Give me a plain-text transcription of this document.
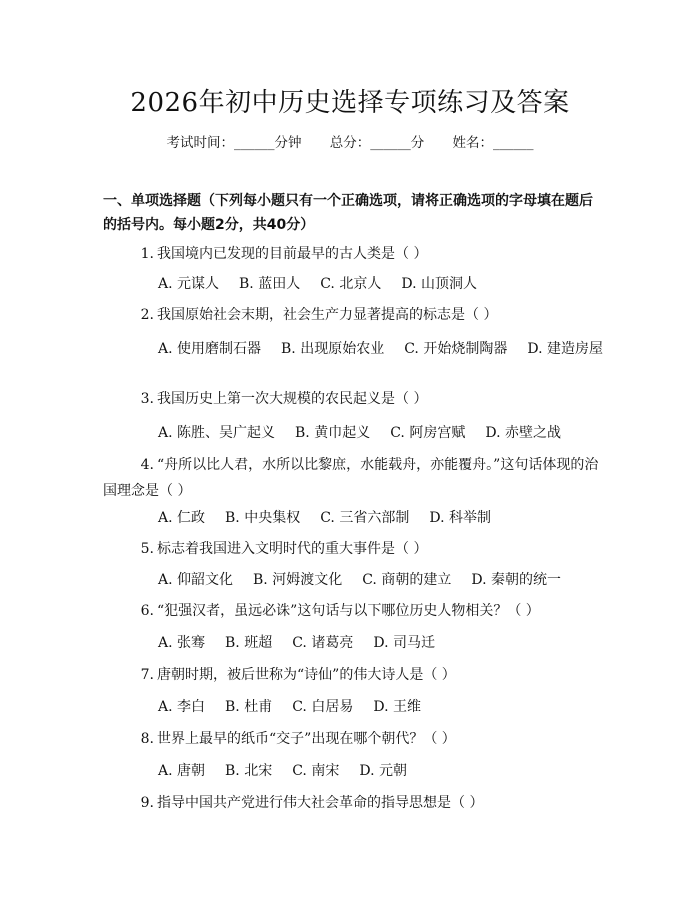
2026年初中历史选择专项练习及答案
考试时间：______分钟 总分：______分 姓名：______
一、单项选择题（下列每小题只有一个正确选项，请将正确选项的字母填在题后的括号内。每小题2分，共40分）
1. 我国境内已发现的目前最早的古人类是（ ）
A. 元谋人 B. 蓝田人 C. 北京人 D. 山顶洞人
2. 我国原始社会末期，社会生产力显著提高的标志是（ ）
A. 使用磨制石器 B. 出现原始农业 C. 开始烧制陶器 D. 建造房屋
3. 我国历史上第一次大规模的农民起义是（ ）
A. 陈胜、吴广起义 B. 黄巾起义 C. 阿房宫赋 D. 赤壁之战
4. “舟所以比人君，水所以比黎庶，水能载舟，亦能覆舟。”这句话体现的治国理念是（ ）
A. 仁政 B. 中央集权 C. 三省六部制 D. 科举制
5. 标志着我国进入文明时代的重大事件是（ ）
A. 仰韶文化 B. 河姆渡文化 C. 商朝的建立 D. 秦朝的统一
6. “犯强汉者，虽远必诛”这句话与以下哪位历史人物相关？（ ）
A. 张骞 B. 班超 C. 诸葛亮 D. 司马迁
7. 唐朝时期，被后世称为“诗仙”的伟大诗人是（ ）
A. 李白 B. 杜甫 C. 白居易 D. 王维
8. 世界上最早的纸币“交子”出现在哪个朝代？（ ）
A. 唐朝 B. 北宋 C. 南宋 D. 元朝
9. 指导中国共产党进行伟大社会革命的指导思想是（ ）
